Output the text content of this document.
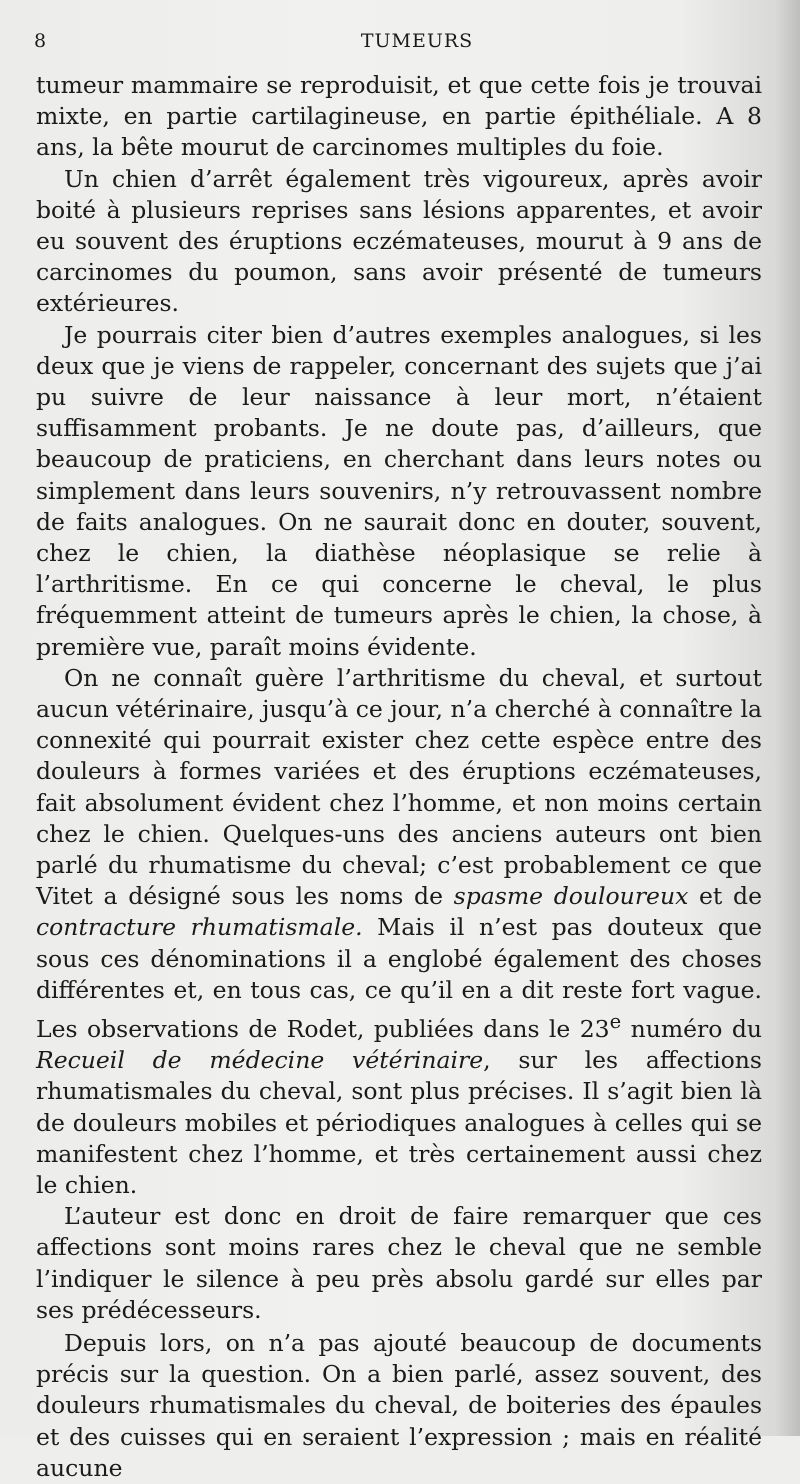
8	TUMEURS

tumeur mammaire se reproduisit, et que cette fois je trouvai mixte, en partie cartilagineuse, en partie épithéliale. A 8 ans, la bête mourut de carcinomes multiples du foie.

Un chien d’arrêt également très vigoureux, après avoir boité à plusieurs reprises sans lésions apparentes, et avoir eu souvent des éruptions eczémateuses, mourut à 9 ans de carcinomes du poumon, sans avoir présenté de tumeurs extérieures.

Je pourrais citer bien d’autres exemples analogues, si les deux que je viens de rappeler, concernant des sujets que j’ai pu suivre de leur naissance à leur mort, n’étaient suffisamment probants. Je ne doute pas, d’ailleurs, que beaucoup de praticiens, en cherchant dans leurs notes ou simplement dans leurs souvenirs, n’y retrouvassent nombre de faits analogues. On ne saurait donc en douter, souvent, chez le chien, la diathèse néoplasique se relie à l’arthritisme. En ce qui concerne le cheval, le plus fréquemment atteint de tumeurs après le chien, la chose, à première vue, paraît moins évidente.

On ne connaît guère l’arthritisme du cheval, et surtout aucun vétérinaire, jusqu’à ce jour, n’a cherché à connaître la connexité qui pourrait exister chez cette espèce entre des douleurs à formes variées et des éruptions eczémateuses, fait absolument évident chez l’homme, et non moins certain chez le chien. Quelques-uns des anciens auteurs ont bien parlé du rhumatisme du cheval; c’est probablement ce que Vitet a désigné sous les noms de spasme douloureux et de contracture rhumatismale. Mais il n’est pas douteux que sous ces dénominations il a englobé également des choses différentes et, en tous cas, ce qu’il en a dit reste fort vague. Les observations de Rodet, publiées dans le 23e numéro du Recueil de médecine vétérinaire, sur les affections rhumatismales du cheval, sont plus précises. Il s’agit bien là de douleurs mobiles et périodiques analogues à celles qui se manifestent chez l’homme, et très certainement aussi chez le chien.

L’auteur est donc en droit de faire remarquer que ces affections sont moins rares chez le cheval que ne semble l’indiquer le silence à peu près absolu gardé sur elles par ses prédécesseurs.

Depuis lors, on n’a pas ajouté beaucoup de documents précis sur la question. On a bien parlé, assez souvent, des douleurs rhumatismales du cheval, de boiteries des épaules et des cuisses qui en seraient l’expression ; mais en réalité aucune
